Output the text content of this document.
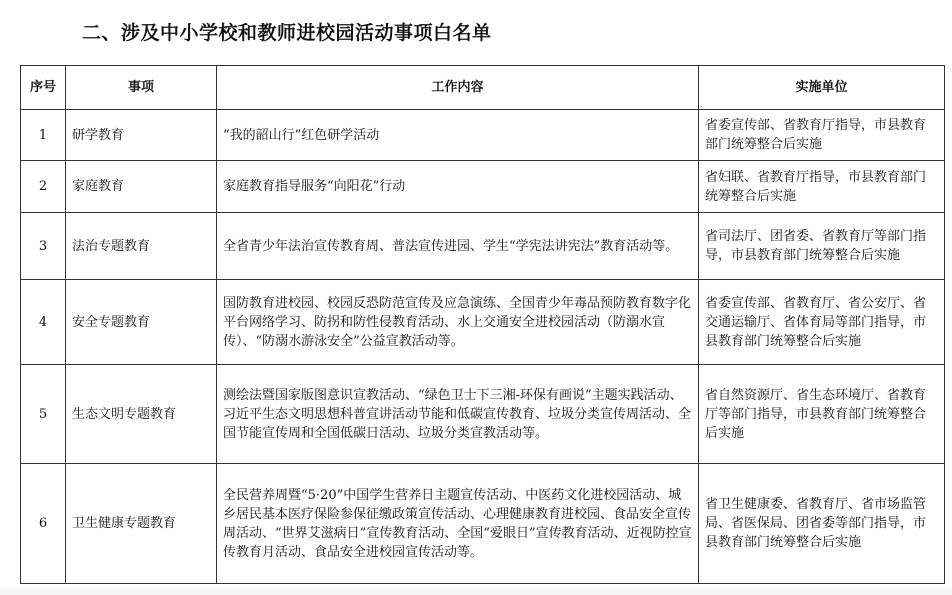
二、涉及中小学校和教师进校园活动事项白名单
序号	事项	工作内容	实施单位
1	研学教育	“我的韶山行”红色研学活动	省委宣传部、省教育厅指导，市县教育部门统筹整合后实施
2	家庭教育	家庭教育指导服务“向阳花”行动	省妇联、省教育厅指导，市县教育部门统筹整合后实施
3	法治专题教育	全省青少年法治宣传教育周、普法宣传进园、学生“学宪法讲宪法”教育活动等。	省司法厅、团省委、省教育厅等部门指导，市县教育部门统筹整合后实施
4	安全专题教育	国防教育进校园、校园反恐防范宣传及应急演练、全国青少年毒品预防教育数字化平台网络学习、防拐和防性侵教育活动、水上交通安全进校园活动（防溺水宣传）、“防溺水游泳安全”公益宣教活动等。	省委宣传部、省教育厅、省公安厅、省交通运输厅、省体育局等部门指导，市县教育部门统筹整合后实施
5	生态文明专题教育	测绘法暨国家版图意识宣教活动、“绿色卫士下三湘-环保有画说”主题实践活动、习近平生态文明思想科普宣讲活动节能和低碳宣传教育、垃圾分类宣传周活动、全国节能宣传周和全国低碳日活动、垃圾分类宣教活动等。	省自然资源厅、省生态环境厅、省教育厅等部门指导，市县教育部门统筹整合后实施
6	卫生健康专题教育	全民营养周暨“5·20”中国学生营养日主题宣传活动、中医药文化进校园活动、城乡居民基本医疗保险参保征缴政策宣传活动、心理健康教育进校园、食品安全宣传周活动、“世界艾滋病日”宣传教育活动、全国“爱眼日”宣传教育活动、近视防控宣传教育月活动、食品安全进校园宣传活动等。	省卫生健康委、省教育厅、省市场监管局、省医保局、团省委等部门指导，市县教育部门统筹整合后实施
